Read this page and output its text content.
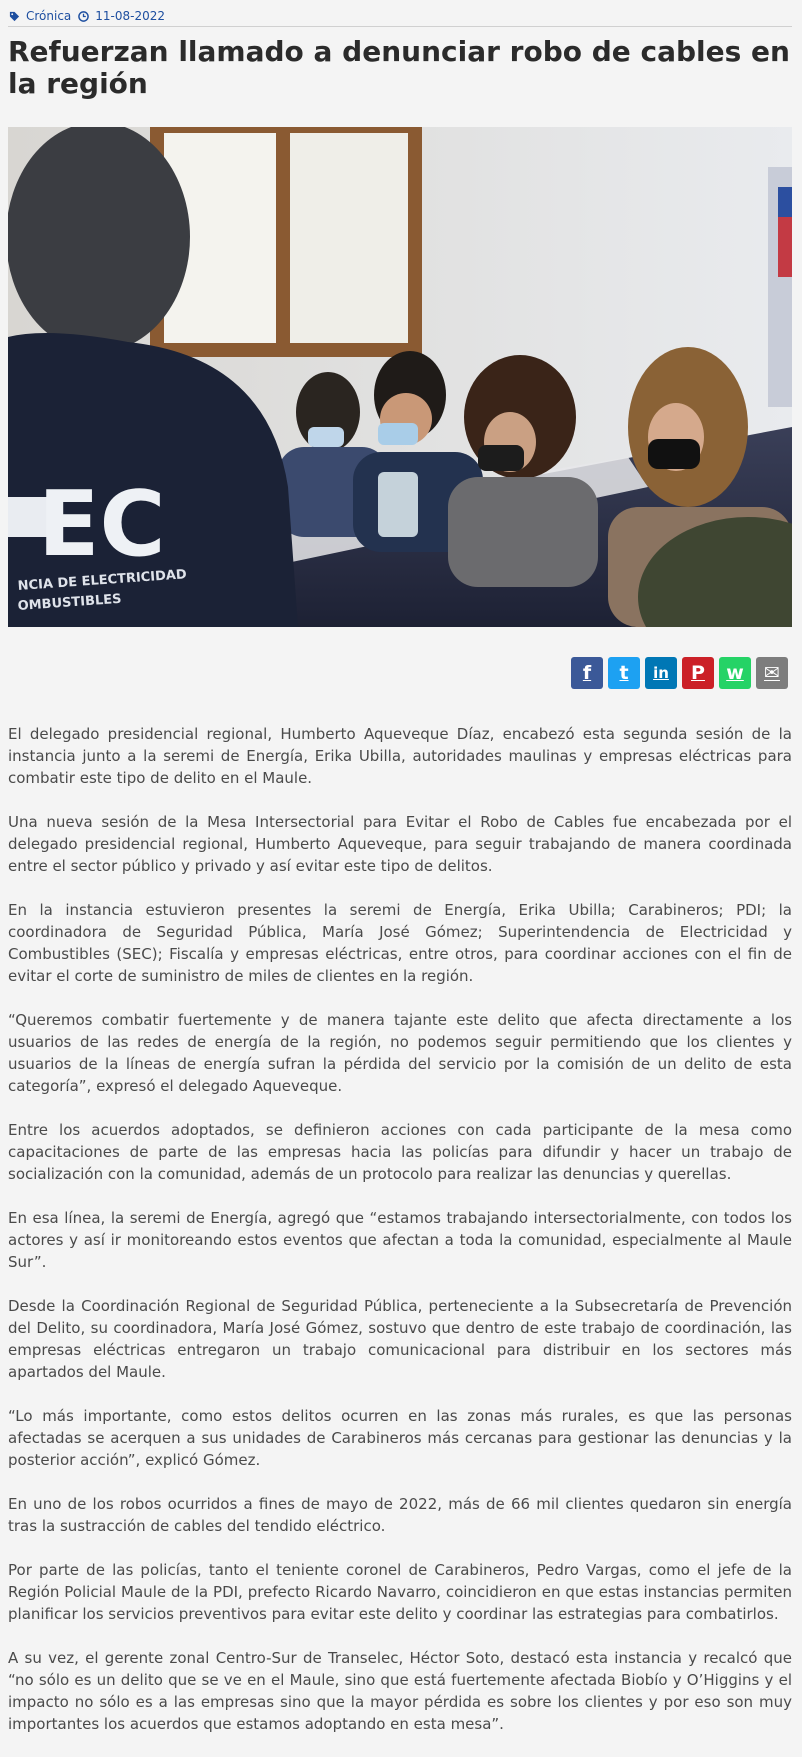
Crónica 11-08-2022
Refuerzan llamado a denunciar robo de cables en la región
EC
NCIA DE ELECTRICIDAD
OMBUSTIBLES
f t in P w ✉

El delegado presidencial regional, Humberto Aqueveque Díaz, encabezó esta segunda sesión de la instancia junto a la seremi de Energía, Erika Ubilla, autoridades maulinas y empresas eléctricas para combatir este tipo de delito en el Maule.

Una nueva sesión de la Mesa Intersectorial para Evitar el Robo de Cables fue encabezada por el delegado presidencial regional, Humberto Aqueveque, para seguir trabajando de manera coordinada entre el sector público y privado y así evitar este tipo de delitos.

En la instancia estuvieron presentes la seremi de Energía, Erika Ubilla; Carabineros; PDI; la coordinadora de Seguridad Pública, María José Gómez; Superintendencia de Electricidad y Combustibles (SEC); Fiscalía y empresas eléctricas, entre otros, para coordinar acciones con el fin de evitar el corte de suministro de miles de clientes en la región.

“Queremos combatir fuertemente y de manera tajante este delito que afecta directamente a los usuarios de las redes de energía de la región, no podemos seguir permitiendo que los clientes y usuarios de la líneas de energía sufran la pérdida del servicio por la comisión de un delito de esta categoría”, expresó el delegado Aqueveque.

Entre los acuerdos adoptados, se definieron acciones con cada participante de la mesa como capacitaciones de parte de las empresas hacia las policías para difundir y hacer un trabajo de socialización con la comunidad, además de un protocolo para realizar las denuncias y querellas.

En esa línea, la seremi de Energía, agregó que “estamos trabajando intersectorialmente, con todos los actores y así ir monitoreando estos eventos que afectan a toda la comunidad, especialmente al Maule Sur”.

Desde la Coordinación Regional de Seguridad Pública, perteneciente a la Subsecretaría de Prevención del Delito, su coordinadora, María José Gómez, sostuvo que dentro de este trabajo de coordinación, las empresas eléctricas entregaron un trabajo comunicacional para distribuir en los sectores más apartados del Maule.

“Lo más importante, como estos delitos ocurren en las zonas más rurales, es que las personas afectadas se acerquen a sus unidades de Carabineros más cercanas para gestionar las denuncias y la posterior acción”, explicó Gómez.

En uno de los robos ocurridos a fines de mayo de 2022, más de 66 mil clientes quedaron sin energía tras la sustracción de cables del tendido eléctrico.

Por parte de las policías, tanto el teniente coronel de Carabineros, Pedro Vargas, como el jefe de la Región Policial Maule de la PDI, prefecto Ricardo Navarro, coincidieron en que estas instancias permiten planificar los servicios preventivos para evitar este delito y coordinar las estrategias para combatirlos.

A su vez, el gerente zonal Centro-Sur de Transelec, Héctor Soto, destacó esta instancia y recalcó que “no sólo es un delito que se ve en el Maule, sino que está fuertemente afectada Biobío y O’Higgins y el impacto no sólo es a las empresas sino que la mayor pérdida es sobre los clientes y por eso son muy importantes los acuerdos que estamos adoptando en esta mesa”.
